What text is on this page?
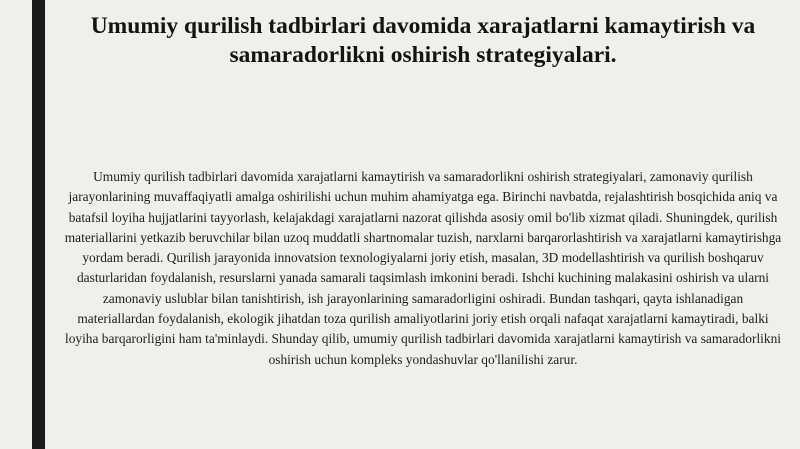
Umumiy qurilish tadbirlari davomida xarajatlarni kamaytirish va samaradorlikni oshirish strategiyalari.

Umumiy qurilish tadbirlari davomida xarajatlarni kamaytirish va samaradorlikni oshirish strategiyalari, zamonaviy qurilish jarayonlarining muvaffaqiyatli amalga oshirilishi uchun muhim ahamiyatga ega. Birinchi navbatda, rejalashtirish bosqichida aniq va batafsil loyiha hujjatlarini tayyorlash, kelajakdagi xarajatlarni nazorat qilishda asosiy omil bo'lib xizmat qiladi. Shuningdek, qurilish materiallarini yetkazib beruvchilar bilan uzoq muddatli shartnomalar tuzish, narxlarni barqarorlashtirish va xarajatlarni kamaytirishga yordam beradi. Qurilish jarayonida innovatsion texnologiyalarni joriy etish, masalan, 3D modellashtirish va qurilish boshqaruv dasturlaridan foydalanish, resurslarni yanada samarali taqsimlash imkonini beradi. Ishchi kuchining malakasini oshirish va ularni zamonaviy uslublar bilan tanishtirish, ish jarayonlarining samaradorligini oshiradi. Bundan tashqari, qayta ishlanadigan materiallardan foydalanish, ekologik jihatdan toza qurilish amaliyotlarini joriy etish orqali nafaqat xarajatlarni kamaytiradi, balki loyiha barqarorligini ham ta'minlaydi. Shunday qilib, umumiy qurilish tadbirlari davomida xarajatlarni kamaytirish va samaradorlikni oshirish uchun kompleks yondashuvlar qo'llanilishi zarur.
